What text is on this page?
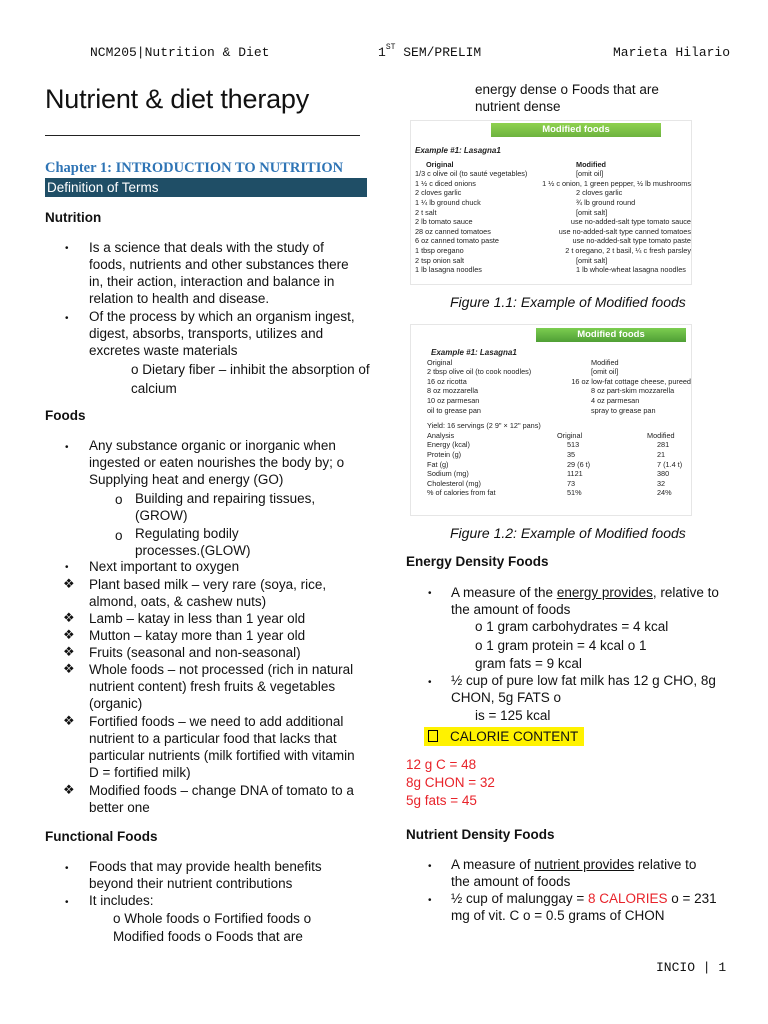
NCM205|Nutrition & Diet	1ST SEM/PRELIM	Marieta Hilario
Nutrient & diet therapy
Chapter 1: INTRODUCTION TO NUTRITION
Definition of Terms
Nutrition
• Is a science that deals with the study of foods, nutrients and other substances there in, their action, interaction and balance in relation to health and disease.
• Of the process by which an organism ingest, digest, absorbs, transports, utilizes and excretes waste materials
o Dietary fiber – inhibit the absorption of calcium
Foods
• Any substance organic or inorganic when ingested or eaten nourishes the body by; o Supplying heat and energy (GO)
o Building and repairing tissues, (GROW)
o Regulating bodily processes.(GLOW)
• Next important to oxygen
❖ Plant based milk – very rare (soya, rice, almond, oats, & cashew nuts)
❖ Lamb – katay in less than 1 year old
❖ Mutton – katay more than 1 year old
❖ Fruits (seasonal and non-seasonal)
❖ Whole foods – not processed (rich in natural nutrient content) fresh fruits & vegetables (organic)
❖ Fortified foods – we need to add additional nutrient to a particular food that lacks that particular nutrients (milk fortified with vitamin D = fortified milk)
❖ Modified foods – change DNA of tomato to a better one
Functional Foods
• Foods that may provide health benefits beyond their nutrient contributions
• It includes:
o Whole foods o Fortified foods o Modified foods o Foods that are
energy dense o Foods that are nutrient dense
Modified foods
Example #1: Lasagna1
Original	Modified
1/3 c olive oil (to sauté vegetables)	[omit oil]
1 ½ c diced onions	1 ½ c onion, 1 green pepper, ½ lb mushrooms
2 cloves garlic	2 cloves garlic
1 ¼ lb ground chuck	¾ lb ground round
2 t salt	[omit salt]
2 lb tomato sauce	use no-added-salt type tomato sauce
28 oz canned tomatoes	use no-added-salt type canned tomatoes
6 oz canned tomato paste	use no-added-salt type tomato paste
1 tbsp oregano	2 t oregano, 2 t basil, ¼ c fresh parsley
2 tsp onion salt	[omit salt]
1 lb lasagna noodles	1 lb whole-wheat lasagna noodles
Figure 1.1: Example of Modified foods
Modified foods
Example #1: Lasagna1
Original	Modified
2 tbsp olive oil (to cook noodles)	[omit oil]
16 oz ricotta	16 oz low-fat cottage cheese, pureed
8 oz mozzarella	8 oz part-skim mozzarella
10 oz parmesan	4 oz parmesan
oil to grease pan	spray to grease pan
Yield: 16 servings (2 9" × 12" pans)
Analysis	Original	Modified
Energy (kcal)	513	281
Protein (g)	35	21
Fat (g)	29 (6 t)	7 (1.4 t)
Sodium (mg)	1121	380
Cholesterol (mg)	73	32
% of calories from fat	51%	24%
Figure 1.2: Example of Modified foods
Energy Density Foods
• A measure of the energy provides, relative to the amount of foods
o 1 gram carbohydrates = 4 kcal
o 1 gram protein = 4 kcal o 1
gram fats = 9 kcal
• ½ cup of pure low fat milk has 12 g CHO, 8g CHON, 5g FATS o
is = 125 kcal
CALORIE CONTENT
12 g C = 48
8g CHON = 32
5g fats = 45
Nutrient Density Foods
• A measure of nutrient provides relative to the amount of foods
• ½ cup of malunggay = 8 CALORIES o = 231 mg of vit. C o = 0.5 grams of CHON
INCIO | 1
